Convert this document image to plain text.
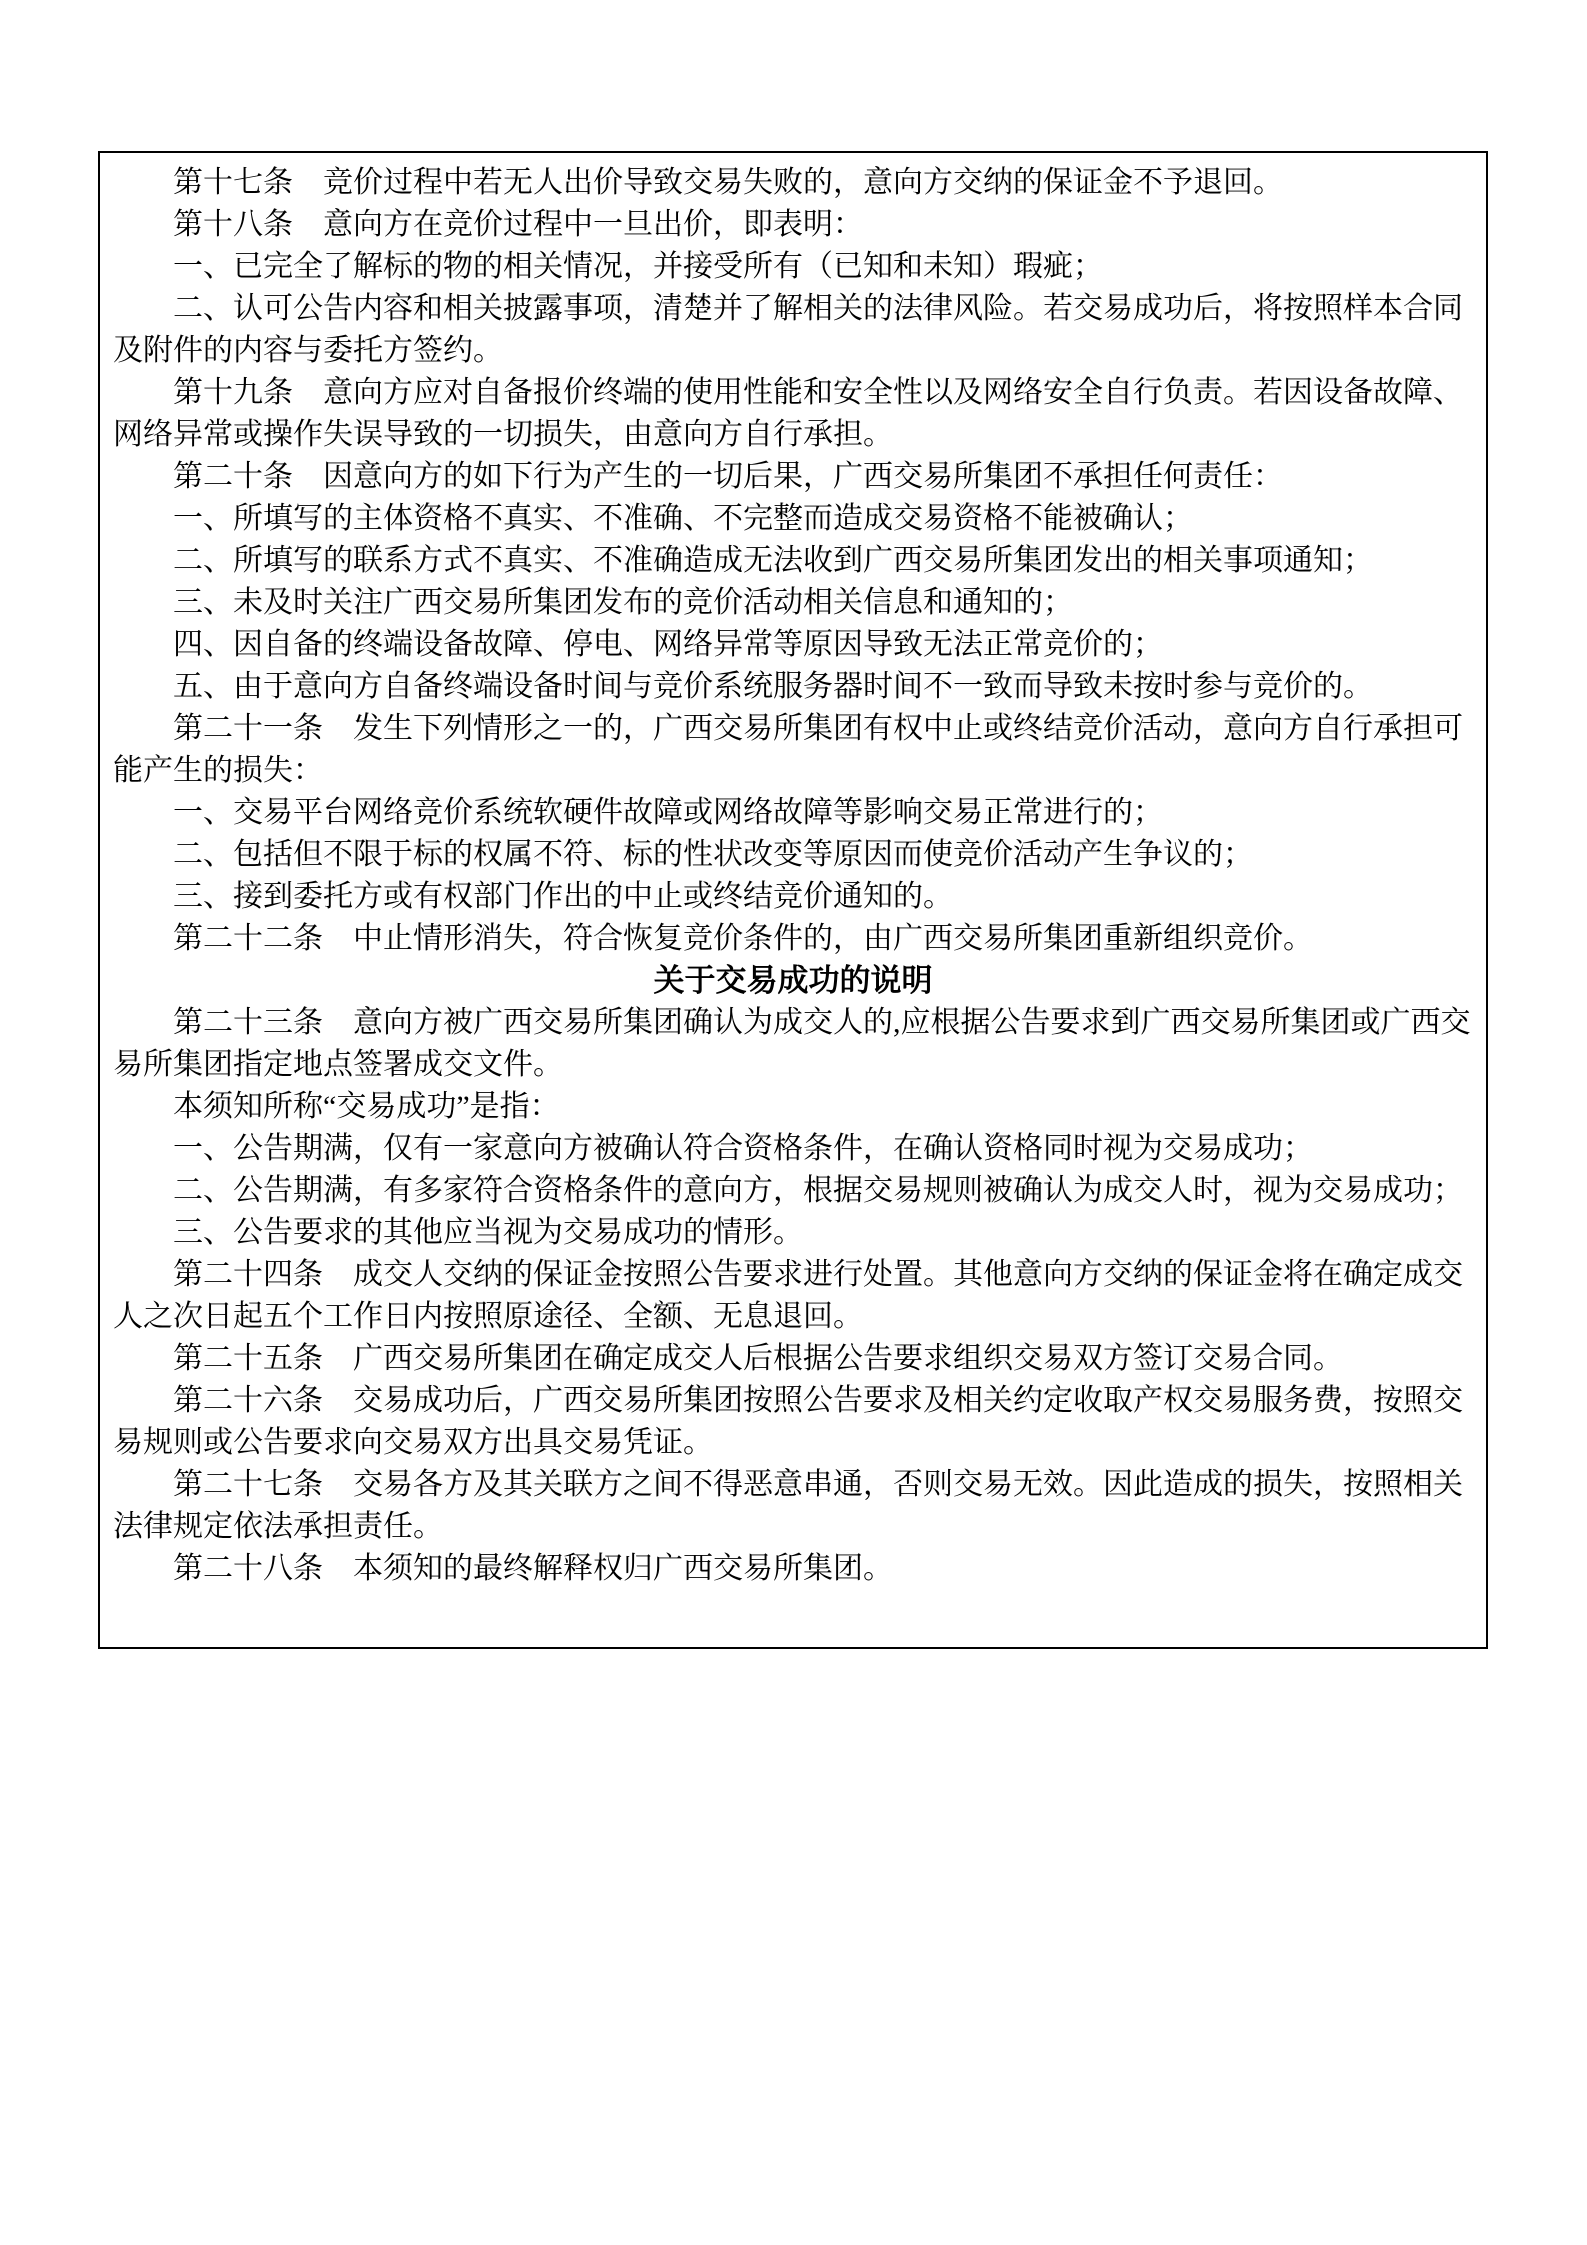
第十七条　竞价过程中若无人出价导致交易失败的，意向方交纳的保证金不予退回。
第十八条　意向方在竞价过程中一旦出价，即表明：
一、已完全了解标的物的相关情况，并接受所有（已知和未知）瑕疵；
二、认可公告内容和相关披露事项，清楚并了解相关的法律风险。若交易成功后，将按照样本合同及附件的内容与委托方签约。
第十九条　意向方应对自备报价终端的使用性能和安全性以及网络安全自行负责。若因设备故障、网络异常或操作失误导致的一切损失，由意向方自行承担。
第二十条　因意向方的如下行为产生的一切后果，广西交易所集团不承担任何责任：
一、所填写的主体资格不真实、不准确、不完整而造成交易资格不能被确认；
二、所填写的联系方式不真实、不准确造成无法收到广西交易所集团发出的相关事项通知；
三、未及时关注广西交易所集团发布的竞价活动相关信息和通知的；
四、因自备的终端设备故障、停电、网络异常等原因导致无法正常竞价的；
五、由于意向方自备终端设备时间与竞价系统服务器时间不一致而导致未按时参与竞价的。
第二十一条　发生下列情形之一的，广西交易所集团有权中止或终结竞价活动，意向方自行承担可能产生的损失：
一、交易平台网络竞价系统软硬件故障或网络故障等影响交易正常进行的；
二、包括但不限于标的权属不符、标的性状改变等原因而使竞价活动产生争议的；
三、接到委托方或有权部门作出的中止或终结竞价通知的。
第二十二条　中止情形消失，符合恢复竞价条件的，由广西交易所集团重新组织竞价。
关于交易成功的说明
第二十三条　意向方被广西交易所集团确认为成交人的,应根据公告要求到广西交易所集团或广西交易所集团指定地点签署成交文件。
本须知所称“交易成功”是指：
一、公告期满，仅有一家意向方被确认符合资格条件，在确认资格同时视为交易成功；
二、公告期满，有多家符合资格条件的意向方，根据交易规则被确认为成交人时，视为交易成功；
三、公告要求的其他应当视为交易成功的情形。
第二十四条　成交人交纳的保证金按照公告要求进行处置。其他意向方交纳的保证金将在确定成交人之次日起五个工作日内按照原途径、全额、无息退回。
第二十五条　广西交易所集团在确定成交人后根据公告要求组织交易双方签订交易合同。
第二十六条　交易成功后，广西交易所集团按照公告要求及相关约定收取产权交易服务费，按照交易规则或公告要求向交易双方出具交易凭证。
第二十七条　交易各方及其关联方之间不得恶意串通，否则交易无效。因此造成的损失，按照相关法律规定依法承担责任。
第二十八条　本须知的最终解释权归广西交易所集团。
